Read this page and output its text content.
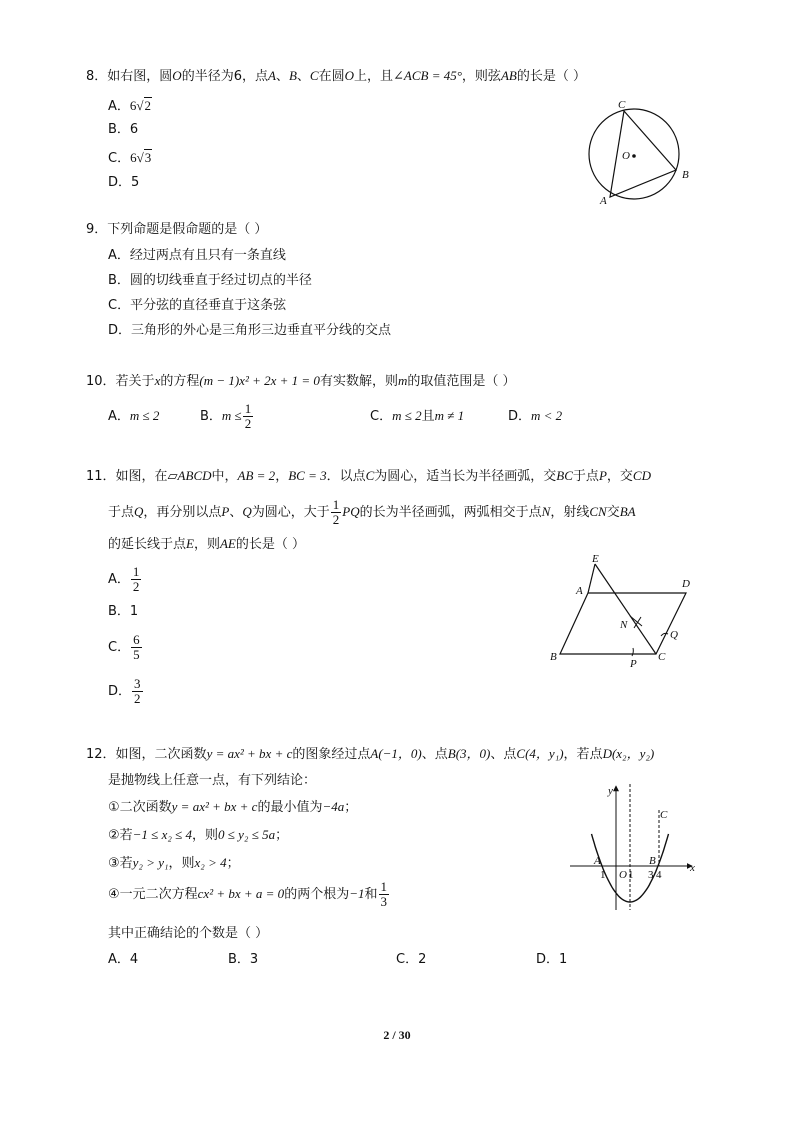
8．如右图，圆O的半径为6，点A、B、C在圆O上，且∠ACB = 45°，则弦AB的长是（ ）
A．6√2
B．6
C．6√3
D．5
C
O
B
A
9．下列命题是假命题的是（ ）
A．经过两点有且只有一条直线
B．圆的切线垂直于经过切点的半径
C．平分弦的直径垂直于这条弦
D．三角形的外心是三角形三边垂直平分线的交点
10．若关于x的方程(m − 1)x² + 2x + 1 = 0有实数解，则m的取值范围是（ ）
A．m ≤ 2	B．$m \le \frac{1}{2}$	C．m ≤ 2且m ≠ 1	D．m < 2
11．如图，在▱ABCD中，AB = 2，BC = 3．以点C为圆心，适当长为半径画弧，交BC于点P，交CD
于点Q，再分别以点P、Q为圆心，大于 $\frac{1}{2}$ PQ的长为半径画弧，两弧相交于点N，射线CN交BA
的延长线于点E，则AE的长是（ ）
A． $\frac{1}{2}$
B．1
C． $\frac{6}{5}$
D． $\frac{3}{2}$
E
D
A
N
Q
B
P
C
12．如图，二次函数y = ax² + bx + c的图象经过点A(−1，0)、点B(3，0)、点C(4，y₁)，若点D(x₂，y₂)
是抛物线上任意一点，有下列结论：
①二次函数y = ax² + bx + c的最小值为−4a；
②若−1 ≤ x₂ ≤ 4，则0 ≤ y₂ ≤ 5a；
③若y₂ > y₁，则x₂ > 4；
④一元二次方程cx² + bx + a = 0的两个根为−1和 $\frac{1}{3}$
其中正确结论的个数是（ ）
A．4	B．3	C．2	D．1
y
x
C
A	B
O
1 1 3 4
2 / 30
